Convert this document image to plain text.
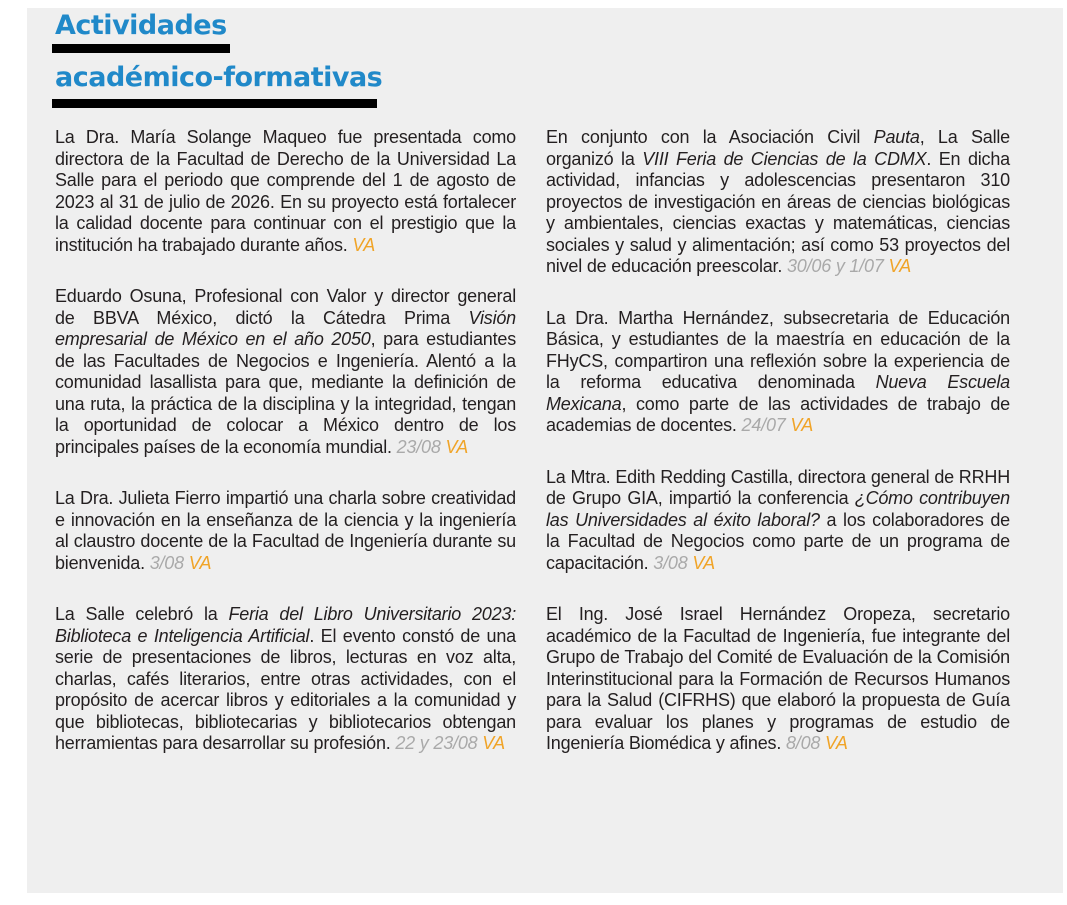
Actividades
académico-formativas

La Dra. María Solange Maqueo fue presentada como directora de la Facultad de Derecho de la Universidad La Salle para el periodo que comprende del 1 de agosto de 2023 al 31 de julio de 2026. En su proyecto está fortalecer la calidad docente para continuar con el prestigio que la institución ha trabajado durante años. VA

Eduardo Osuna, Profesional con Valor y director general de BBVA México, dictó la Cátedra Prima Visión empresarial de México en el año 2050, para estudiantes de las Facultades de Negocios e Ingeniería. Alentó a la comunidad lasallista para que, mediante la definición de una ruta, la práctica de la disciplina y la integridad, tengan la oportunidad de colocar a México dentro de los principales países de la economía mundial. 23/08 VA

La Dra. Julieta Fierro impartió una charla sobre creatividad e innovación en la enseñanza de la ciencia y la ingeniería al claustro docente de la Facultad de Ingeniería durante su bienvenida. 3/08 VA

La Salle celebró la Feria del Libro Universitario 2023: Biblioteca e Inteligencia Artificial. El evento constó de una serie de presentaciones de libros, lecturas en voz alta, charlas, cafés literarios, entre otras actividades, con el propósito de acercar libros y editoriales a la comunidad y que bibliotecas, bibliotecarias y bibliotecarios obtengan herramientas para desarrollar su profesión. 22 y 23/08 VA

En conjunto con la Asociación Civil Pauta, La Salle organizó la VIII Feria de Ciencias de la CDMX. En dicha actividad, infancias y adolescencias presentaron 310 proyectos de investigación en áreas de ciencias biológicas y ambientales, ciencias exactas y matemáticas, ciencias sociales y salud y alimentación; así como 53 proyectos del nivel de educación preescolar. 30/06 y 1/07 VA

La Dra. Martha Hernández, subsecretaria de Educación Básica, y estudiantes de la maestría en educación de la FHyCS, compartiron una reflexión sobre la experiencia de la reforma educativa denominada Nueva Escuela Mexicana, como parte de las actividades de trabajo de academias de docentes. 24/07 VA

La Mtra. Edith Redding Castilla, directora general de RRHH de Grupo GIA, impartió la conferencia ¿Cómo contribuyen las Universidades al éxito laboral? a los colaboradores de la Facultad de Negocios como parte de un programa de capacitación. 3/08 VA

El Ing. José Israel Hernández Oropeza, secretario académico de la Facultad de Ingeniería, fue integrante del Grupo de Trabajo del Comité de Evaluación de la Comisión Interinstitucional para la Formación de Recursos Humanos para la Salud (CIFRHS) que elaboró la propuesta de Guía para evaluar los planes y programas de estudio de Ingeniería Biomédica y afines. 8/08 VA
